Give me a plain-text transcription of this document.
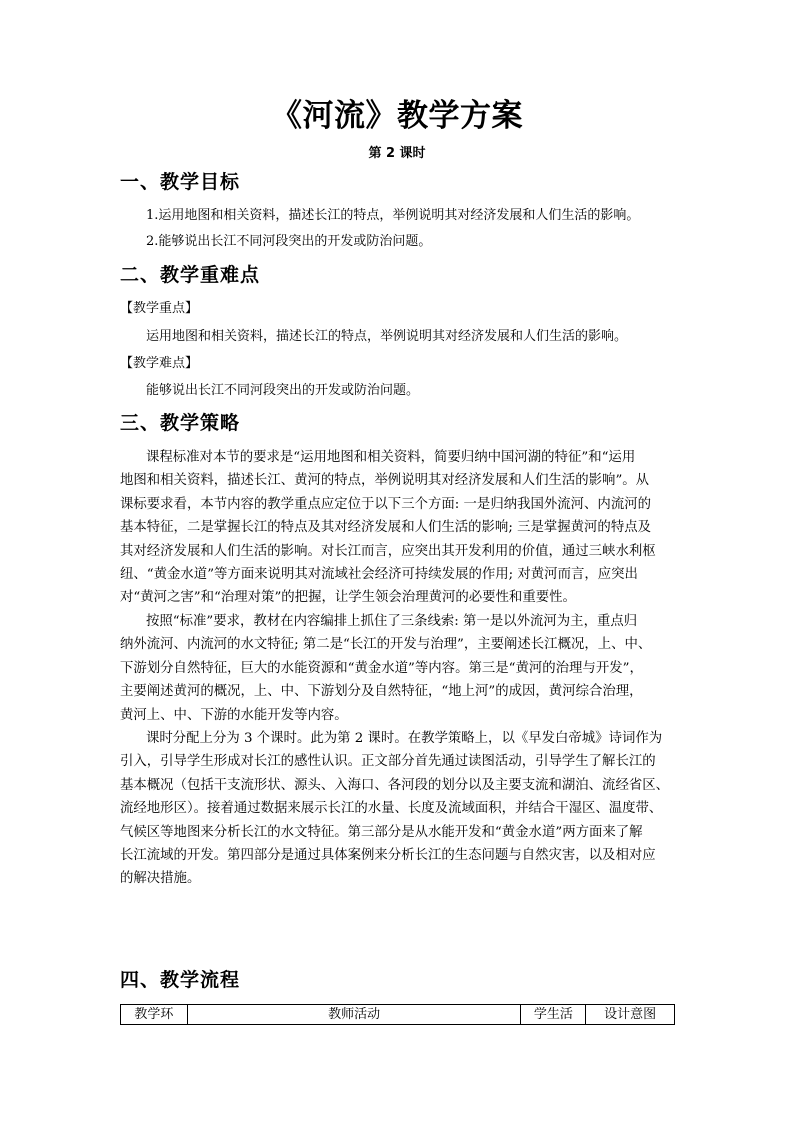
《河流》教学方案

第 2 课时

一、教学目标

1.运用地图和相关资料，描述长江的特点，举例说明其对经济发展和人们生活的影响。

2.能够说出长江不同河段突出的开发或防治问题。

二、教学重难点

【教学重点】

运用地图和相关资料，描述长江的特点，举例说明其对经济发展和人们生活的影响。

【教学难点】

能够说出长江不同河段突出的开发或防治问题。

三、教学策略
课程标准对本节的要求是“运用地图和相关资料，简要归纳中国河湖的特征”和“运用
地图和相关资料，描述长江、黄河的特点，举例说明其对经济发展和人们生活的影响”。从
课标要求看，本节内容的教学重点应定位于以下三个方面: 一是归纳我国外流河、内流河的
基本特征，二是掌握长江的特点及其对经济发展和人们生活的影响; 三是掌握黄河的特点及
其对经济发展和人们生活的影响。对长江而言，应突出其开发利用的价值，通过三峡水利枢
纽、“黄金水道”等方面来说明其对流域社会经济可持续发展的作用; 对黄河而言，应突出
对“黄河之害”和“治理对策”的把握，让学生领会治理黄河的必要性和重要性。
按照“标准”要求，教材在内容编排上抓住了三条线索: 第一是以外流河为主，重点归
纳外流河、内流河的水文特征; 第二是“长江的开发与治理”，主要阐述长江概况，上、中、
下游划分自然特征，巨大的水能资源和“黄金水道”等内容。第三是“黄河的治理与开发”，
主要阐述黄河的概况，上、中、下游划分及自然特征，“地上河”的成因，黄河综合治理，
黄河上、中、下游的水能开发等内容。
课时分配上分为 3 个课时。此为第 2 课时。在教学策略上，以《早发白帝城》诗词作为
引入，引导学生形成对长江的感性认识。正文部分首先通过读图活动，引导学生了解长江的
基本概况（包括干支流形状、源头、入海口、各河段的划分以及主要支流和湖泊、流经省区、
流经地形区）。接着通过数据来展示长江的水量、长度及流域面积，并结合干湿区、温度带、
气候区等地图来分析长江的水文特征。第三部分是从水能开发和“黄金水道”两方面来了解
长江流域的开发。第四部分是通过具体案例来分析长江的生态问题与自然灾害，以及相对应
的解决措施。
四、教学流程
教学环	教师活动	学生活	设计意图
